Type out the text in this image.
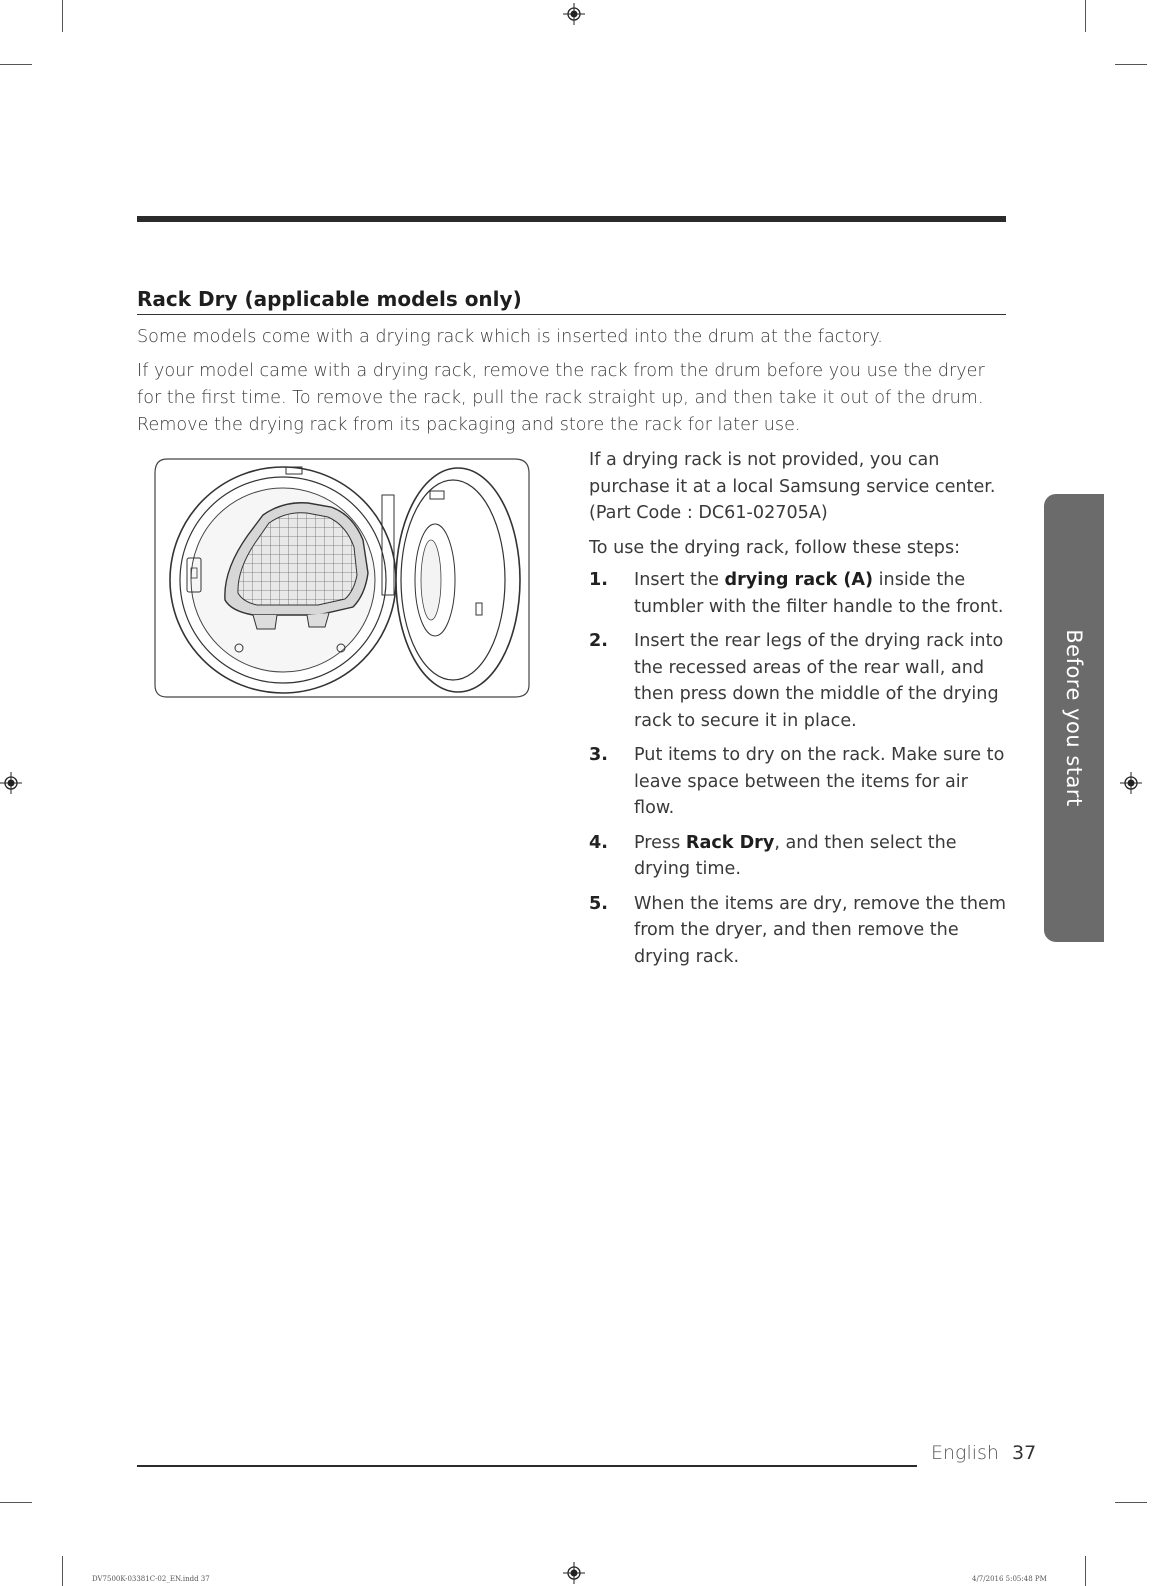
Rack Dry (applicable models only)

Some models come with a drying rack which is inserted into the drum at the factory.

If your model came with a drying rack, remove the rack from the drum before you use the dryer for the first time. To remove the rack, pull the rack straight up, and then take it out of the drum. Remove the drying rack from its packaging and store the rack for later use.

If a drying rack is not provided, you can purchase it at a local Samsung service center. (Part Code : DC61-02705A)

To use the drying rack, follow these steps:

1. Insert the drying rack (A) inside the tumbler with the filter handle to the front.
2. Insert the rear legs of the drying rack into the recessed areas of the rear wall, and then press down the middle of the drying rack to secure it in place.
3. Put items to dry on the rack. Make sure to leave space between the items for air flow.
4. Press Rack Dry, and then select the drying time.
5. When the items are dry, remove the them from the dryer, and then remove the drying rack.
Before you start
English 37
DV7500K-03381C-02_EN.indd 37	4/7/2016 5:05:48 PM
